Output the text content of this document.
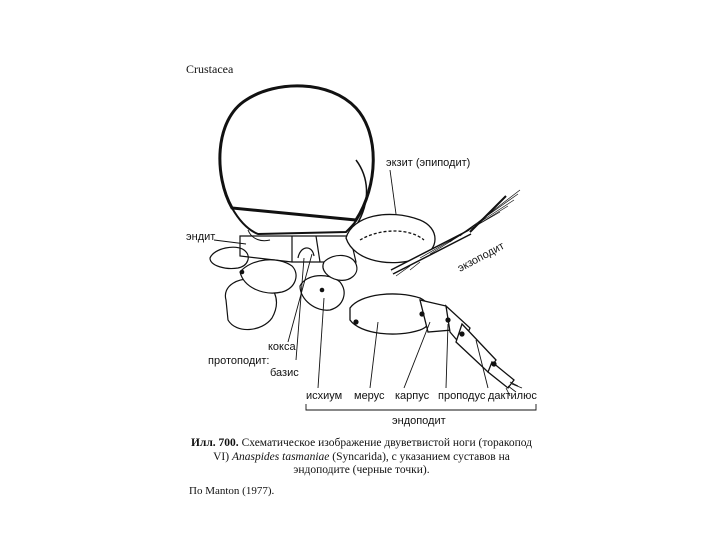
Crustacea
экзит (эпиподит)
эндит
экзоподит
кокса
протоподит:
базис
исхиум мерус карпус проподус дактилюс
эндоподит
Илл. 700. Схематическое изображение двуветвистой ноги (торакопод VI) Anaspides tasmaniae (Syncarida), с указанием суставов на эндоподите (черные точки).
По Manton (1977).
